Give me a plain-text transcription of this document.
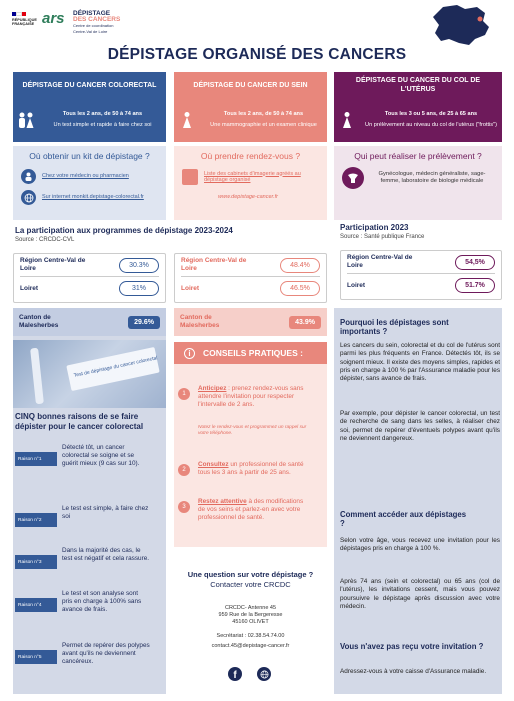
RÉPUBLIQUE
FRANÇAISE ars DÉPISTAGE
DES CANCERS
Centre de coordination
Centre-Val de Loire
DÉPISTAGE ORGANISÉ DES CANCERS
DÉPISTAGE DU CANCER COLORECTAL	DÉPISTAGE DU CANCER DU SEIN
DÉPISTAGE DU CANCER DU COL DE L'UTÉRUS
Tous les 2 ans, de 50 à 74 ans
Un test simple et rapide à faire chez soi
Tous les 2 ans, de 50 à 74 ans
Une mammographie et un examen clinique
Tous les 3 ou 5 ans, de 25 à 65 ans
Un prélèvement au niveau du col de l'utérus ("frottis")
Où obtenir un kit de dépistage ?
Chez votre médecin ou pharmacien
Sur internet monkit.depistage-colorectal.fr
Où prendre rendez-vous ?
Liste des cabinets d'imagerie agréés au dépistage organisé
www.depistage-cancer.fr
Qui peut réaliser le prélèvement ?
Gynécologue, médecin généraliste, sage-femme, laboratoire de biologie médicale
La participation aux programmes de dépistage 2023-2024
Source : CRCDC-CVL
Région Centre-Val de Loire	30.3%
Loiret	31%
Région Centre-Val de Loire	48.4%
Loiret	46.5%
Participation 2023
Source : Santé publique France
Région Centre-Val de Loire	54,5%
Loiret	51.7%
Canton de Malesherbes	29.6%
Canton de Malesherbes	43.9%
Test de dépistage du cancer colorectal
CINQ bonnes raisons de se faire dépister pour le cancer colorectal
Raison n°1
Détecté tôt, un cancer colorectal se soigne et se guérit mieux (9 cas sur 10).
Raison n°2
Le test est simple, à faire chez soi
Raison n°3
Dans la majorité des cas, le test est négatif et cela rassure.
Raison n°4
Le test et son analyse sont pris en charge à 100% sans avance de frais.
Raison n°5
Permet de repérer des polypes avant qu'ils ne deviennent cancéreux.
i	CONSEILS PRATIQUES :
1
Anticipez : prenez rendez-vous sans attendre l'invitation pour respecter l'intervalle de 2 ans.
Notez le rendez-vous et programmez un rappel sur votre téléphone.
2
Consultez un professionnel de santé tous les 3 ans à partir de 25 ans.
3
Restez attentive à des modifications de vos seins et parlez-en avec votre professionnel de santé.
Une question sur votre dépistage ?
Contacter votre CRCDC
CRCDC- Antenne 45
959 Rue de la Bergeresse
45160 OLIVET
Secrétariat : 02.38.54.74.00
contact.45@depistage-cancer.fr
f
Pourquoi les dépistages sont importants ?
Les cancers du sein, colorectal et du col de l'utérus sont parmi les plus fréquents en France. Détectés tôt, ils se soignent mieux. Il existe des moyens simples, rapides et pris en charge à 100 % par l'Assurance maladie pour les dépister, sans avance de frais.
Par exemple, pour dépister le cancer colorectal, un test de recherche de sang dans les selles, à réaliser chez soi, permet de repérer d'éventuels polypes avant qu'ils ne deviennent dangereux.
Comment accéder aux dépistages ?
Selon votre âge, vous recevez une invitation pour les dépistages pris en charge à 100 %.
Après 74 ans (sein et colorectal) ou 65 ans (col de l'utérus), les invitations cessent, mais vous pouvez poursuivre le dépistage après discussion avec votre médecin.
Vous n'avez pas reçu votre invitation ?
Adressez-vous à votre caisse d'Assurance maladie.
